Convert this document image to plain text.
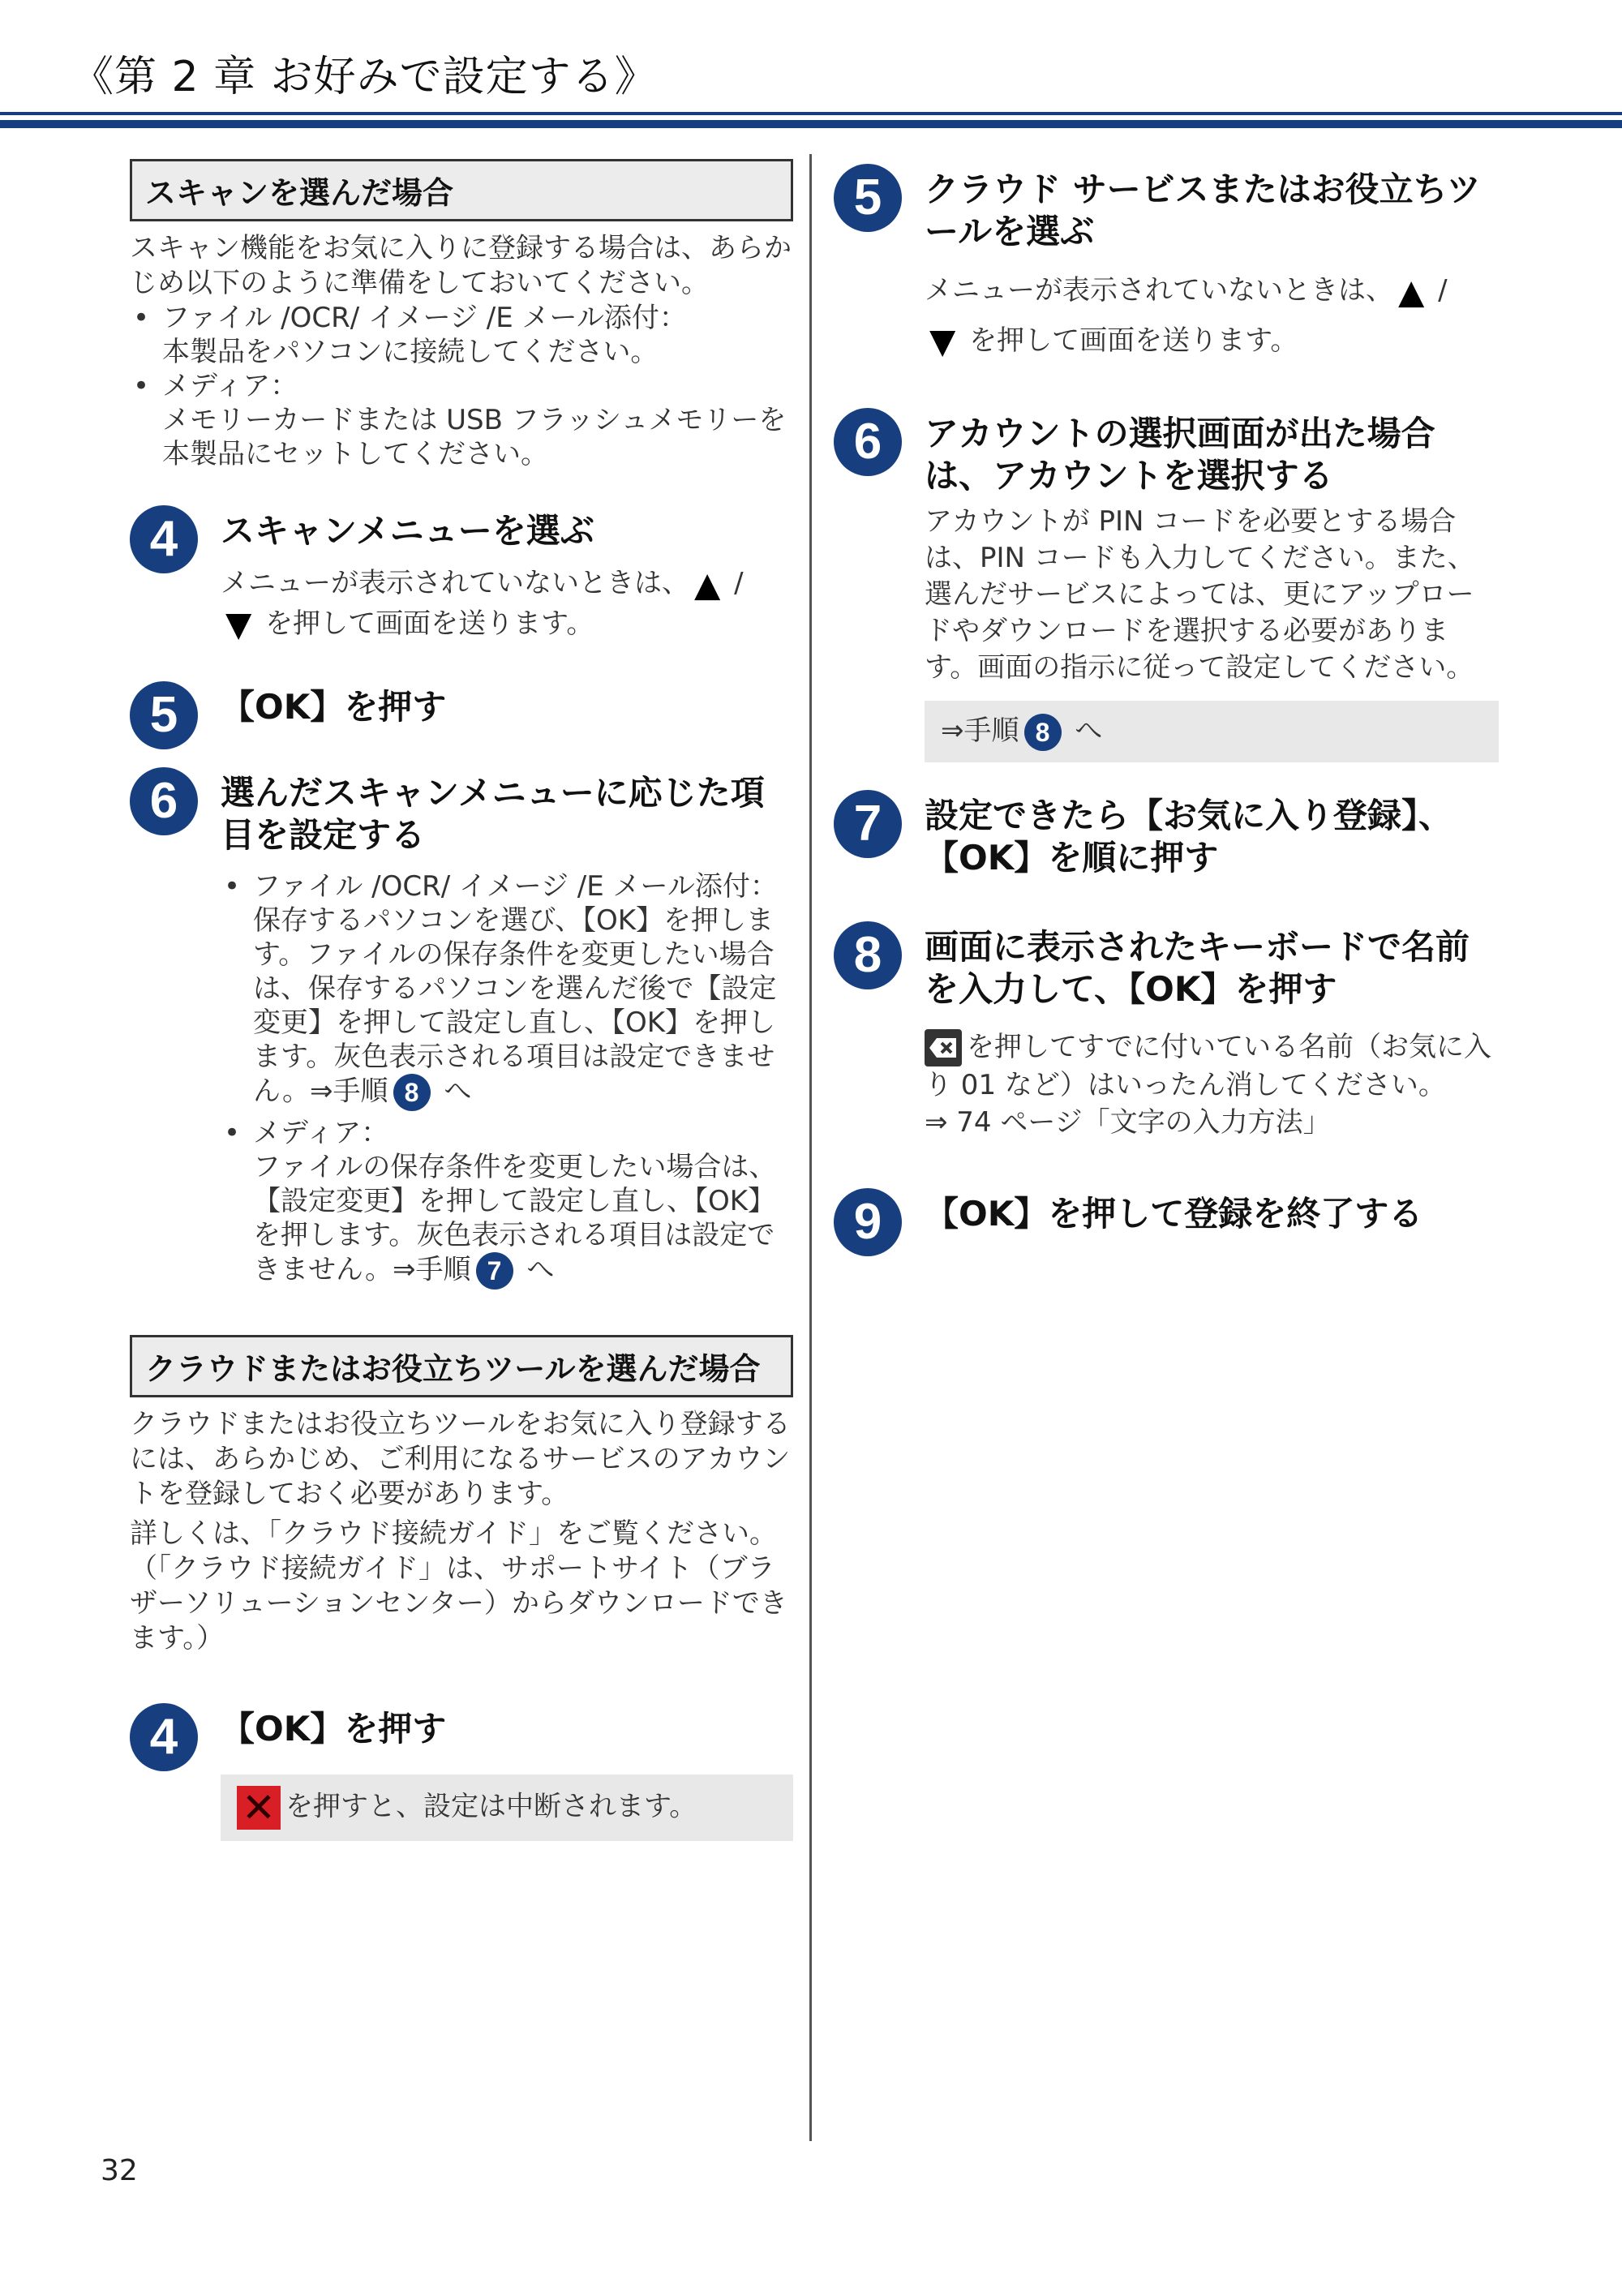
《第 2 章 お好みで設定する》
スキャンを選んだ場合

スキャン機能をお気に入りに登録する場合は、あらかじめ以下のように準備をしておいてください。

• ファイル /OCR/ イメージ /E メール添付：
本製品をパソコンに接続してください。
• メディア：
メモリーカードまたは USB フラッシュメモリーを本製品にセットしてください。
4	スキャンメニューを選ぶ
メニューが表示されていないときは、 ▲ /
▼ を押して画面を送ります。
5	【OK】を押す
6	選んだスキャンメニューに応じた項目を設定する
• ファイル /OCR/ イメージ /E メール添付：
保存するパソコンを選び、【OK】を押します。ファイルの保存条件を変更したい場合は、保存するパソコンを選んだ後で【設定変更】を押して設定し直し、【OK】を押します。灰色表示される項目は設定できません。⇒手順 8 へ
• メディア：
ファイルの保存条件を変更したい場合は、【設定変更】を押して設定し直し、【OK】を押します。灰色表示される項目は設定できません。⇒手順 7 へ
クラウドまたはお役立ちツールを選んだ場合

クラウドまたはお役立ちツールをお気に入り登録するには、あらかじめ、ご利用になるサービスのアカウントを登録しておく必要があります。

詳しくは、「クラウド接続ガイド」をご覧ください。（「クラウド接続ガイド」は、サポートサイト（ブラザーソリューションセンター）からダウンロードできます。）

4	【OK】を押す
✕ を押すと、設定は中断されます。
5	クラウド サービスまたはお役立ちツールを選ぶ
メニューが表示されていないときは、 ▲ /
▼ を押して画面を送ります。
6	アカウントの選択画面が出た場合は、アカウントを選択する
アカウントが PIN コードを必要とする場合は、PIN コードも入力してください。また、選んだサービスによっては、更にアップロードやダウンロードを選択する必要があります。画面の指示に従って設定してください。
⇒手順 8 へ
7	設定できたら【お気に入り登録】、【OK】を順に押す
8	画面に表示されたキーボードで名前を入力して、【OK】を押す
を押してすでに付いている名前（お気に入り 01 など）はいったん消してください。
⇒ 74 ページ「文字の入力方法」
9	【OK】を押して登録を終了する
32
